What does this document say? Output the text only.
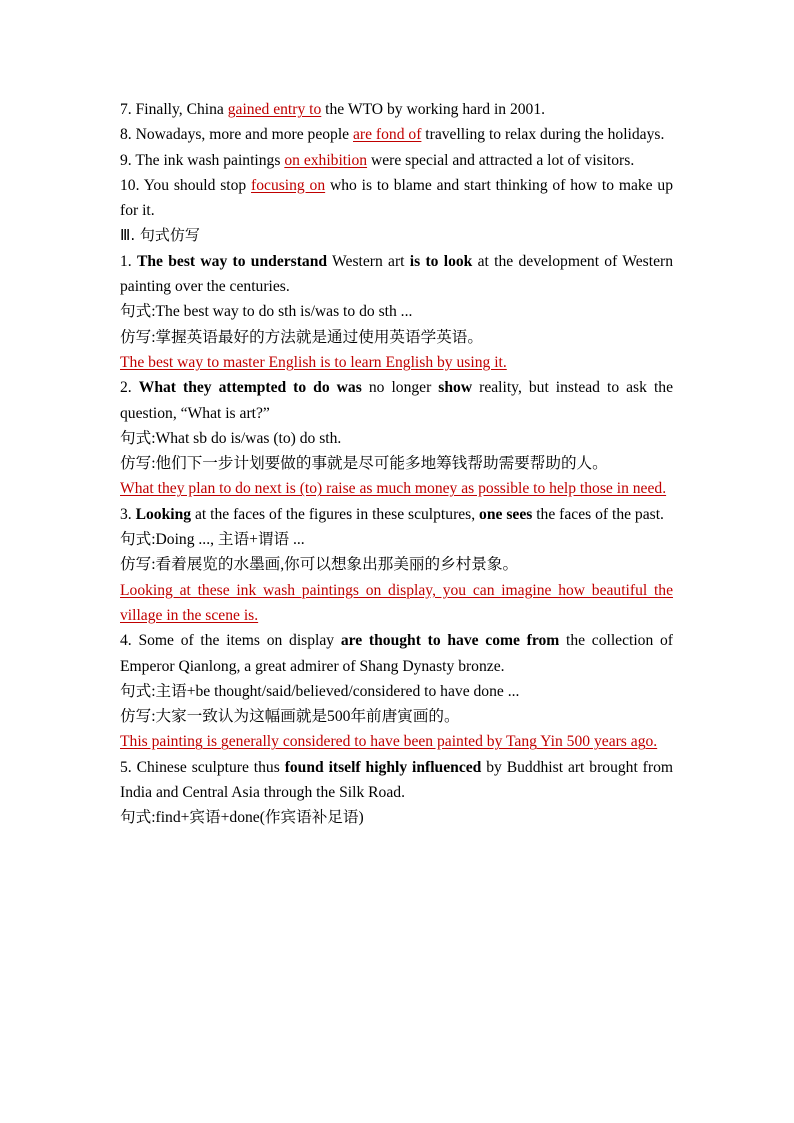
7. Finally, China gained entry to the WTO by working hard in 2001.

8. Nowadays, more and more people are fond of travelling to relax during the holidays.

9. The ink wash paintings on exhibition were special and attracted a lot of visitors.

10. You should stop focusing on who is to blame and start thinking of how to make up for it.

Ⅲ. 句式仿写

1. The best way to understand Western art is to look at the development of Western painting over the centuries.

句式:The best way to do sth is/was to do sth ...

仿写:掌握英语最好的方法就是通过使用英语学英语。

The best way to master English is to learn English by using it.

2. What they attempted to do was no longer show reality, but instead to ask the question, “What is art?”

句式:What sb do is/was (to) do sth.

仿写:他们下一步计划要做的事就是尽可能多地筹钱帮助需要帮助的人。

What they plan to do next is (to) raise as much money as possible to help those in need.

3. Looking at the faces of the figures in these sculptures, one sees the faces of the past.

句式:Doing ..., 主语+谓语 ...

仿写:看着展览的水墨画,你可以想象出那美丽的乡村景象。

Looking at these ink wash paintings on display, you can imagine how beautiful the village in the scene is.

4. Some of the items on display are thought to have come from the collection of Emperor Qianlong, a great admirer of Shang Dynasty bronze.

句式:主语+be thought/said/believed/considered to have done ...

仿写:大家一致认为这幅画就是500年前唐寅画的。

This painting is generally considered to have been painted by Tang Yin 500 years ago.

5. Chinese sculpture thus found itself highly influenced by Buddhist art brought from India and Central Asia through the Silk Road.

句式:find+宾语+done(作宾语补足语)
